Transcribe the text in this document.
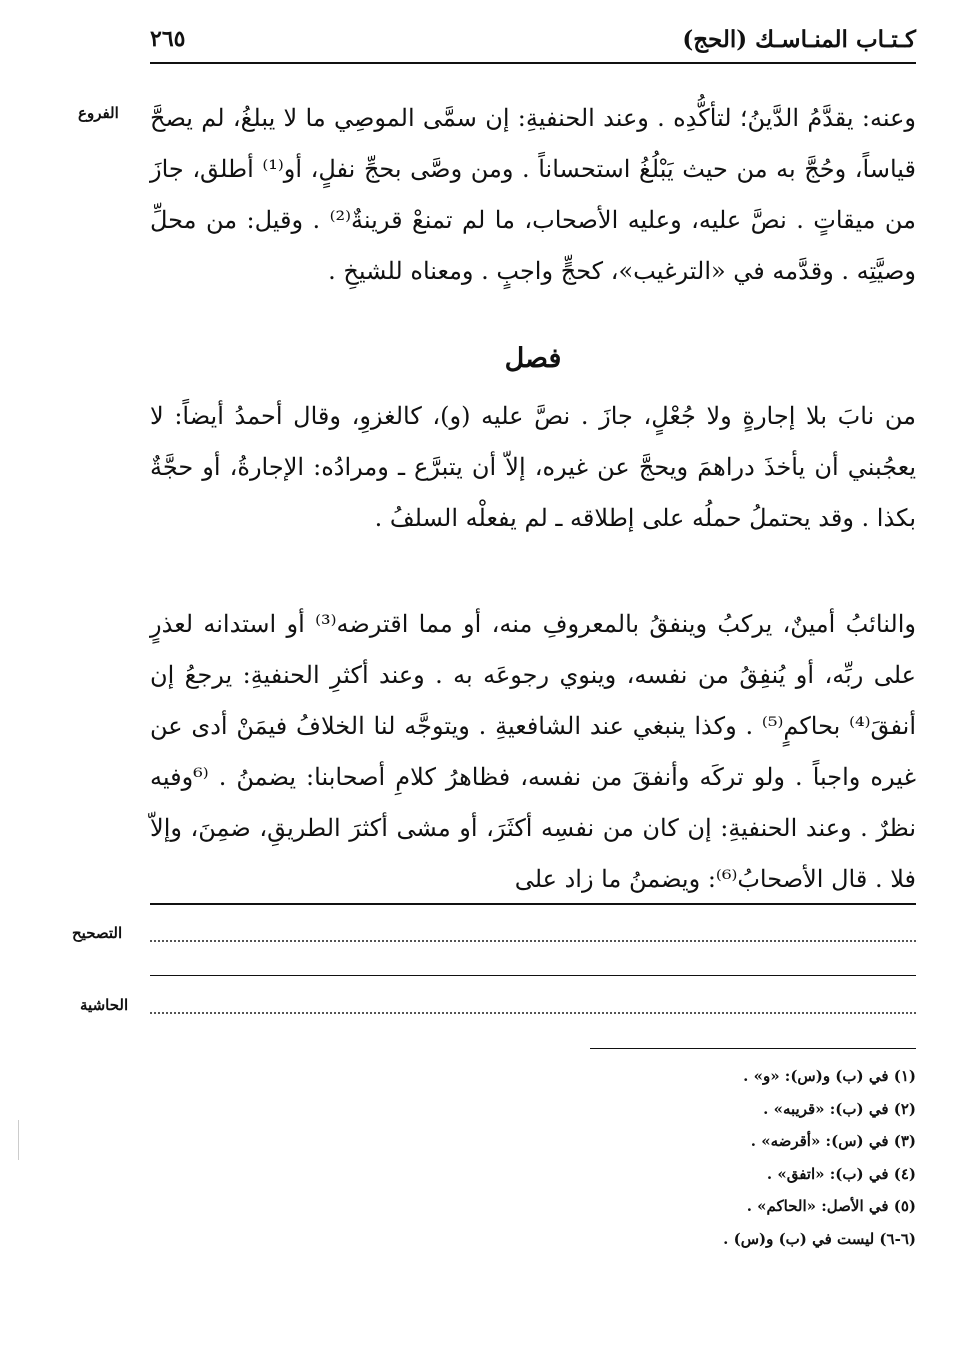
كـتـاب المنـاسـك (الحج)
٢٦٥
الفروع وعنه: يقدَّمُ الدَّينُ؛ لتأكُّدِه . وعند الحنفيةِ: إن سمَّى الموصِي ما لا يبلغُ، لم يصحَّ قياساً، وحُجَّ به من حيث يَبْلُغُ استحساناً . ومن وصَّى بحجِّ نفلٍ، أو⁽¹⁾ أطلق، جازَ من ميقاتٍ . نصَّ عليه، وعليه الأصحاب، ما لم تمنعْ قرينةٌ⁽²⁾ . وقيل: من محلِّ وصيَّتِه . وقدَّمه في «الترغيب»، كحجٍّ واجبٍ . ومعناه للشيخِ .
فصل
من نابَ بلا إجارةٍ ولا جُعْلٍ، جازَ . نصَّ عليه (و)، كالغزوِ، وقال أحمدُ أيضاً: لا يعجُبني أن يأخذَ دراهمَ ويحجَّ عن غيره، إلاّ أن يتبرَّع ـ ومرادُه: الإجارةُ، أو حجَّةٌ بكذا . وقد يحتملُ حملُه على إطلاقه ـ لم يفعلْه السلفُ .
والنائبُ أمينٌ، يركبُ وينفقُ بالمعروفِ منه، أو مما اقترضه⁽³⁾ أو استدانه لعذرٍ على ربِّه، أو يُنفِقُ من نفسه، وينوي رجوعَه به . وعند أكثرِ الحنفيةِ: يرجعُ إن أنفقَ⁽⁴⁾ بحاكمٍ⁽⁵⁾ . وكذا ينبغي عند الشافعيةِ . ويتوجَّه لنا الخلافُ فيمَنْ أدى عن غيره واجباً . ولو تركَه وأنفقَ من نفسه، فظاهرُ كلامِ أصحابنا: يضمنُ . ⁽⁶وفيه نظرٌ . وعند الحنفيةِ: إن كان من نفسِه أكثَرَ، أو مشى أكثرَ الطريقِ، ضمِنَ، وإلاّ فلا . قال الأصحابُ⁽⁶⁾: ويضمنُ ما زاد على
التصحيح
الحاشية
(١) في (ب) و(س): «و» .
(٢) في (ب): «قريبه» .
(٣) في (س): «أقرضه» .
(٤) في (ب): «اتفق» .
(٥) في الأصل: «الحاكم» .
(٦-٦) ليست في (ب) و(س) .
